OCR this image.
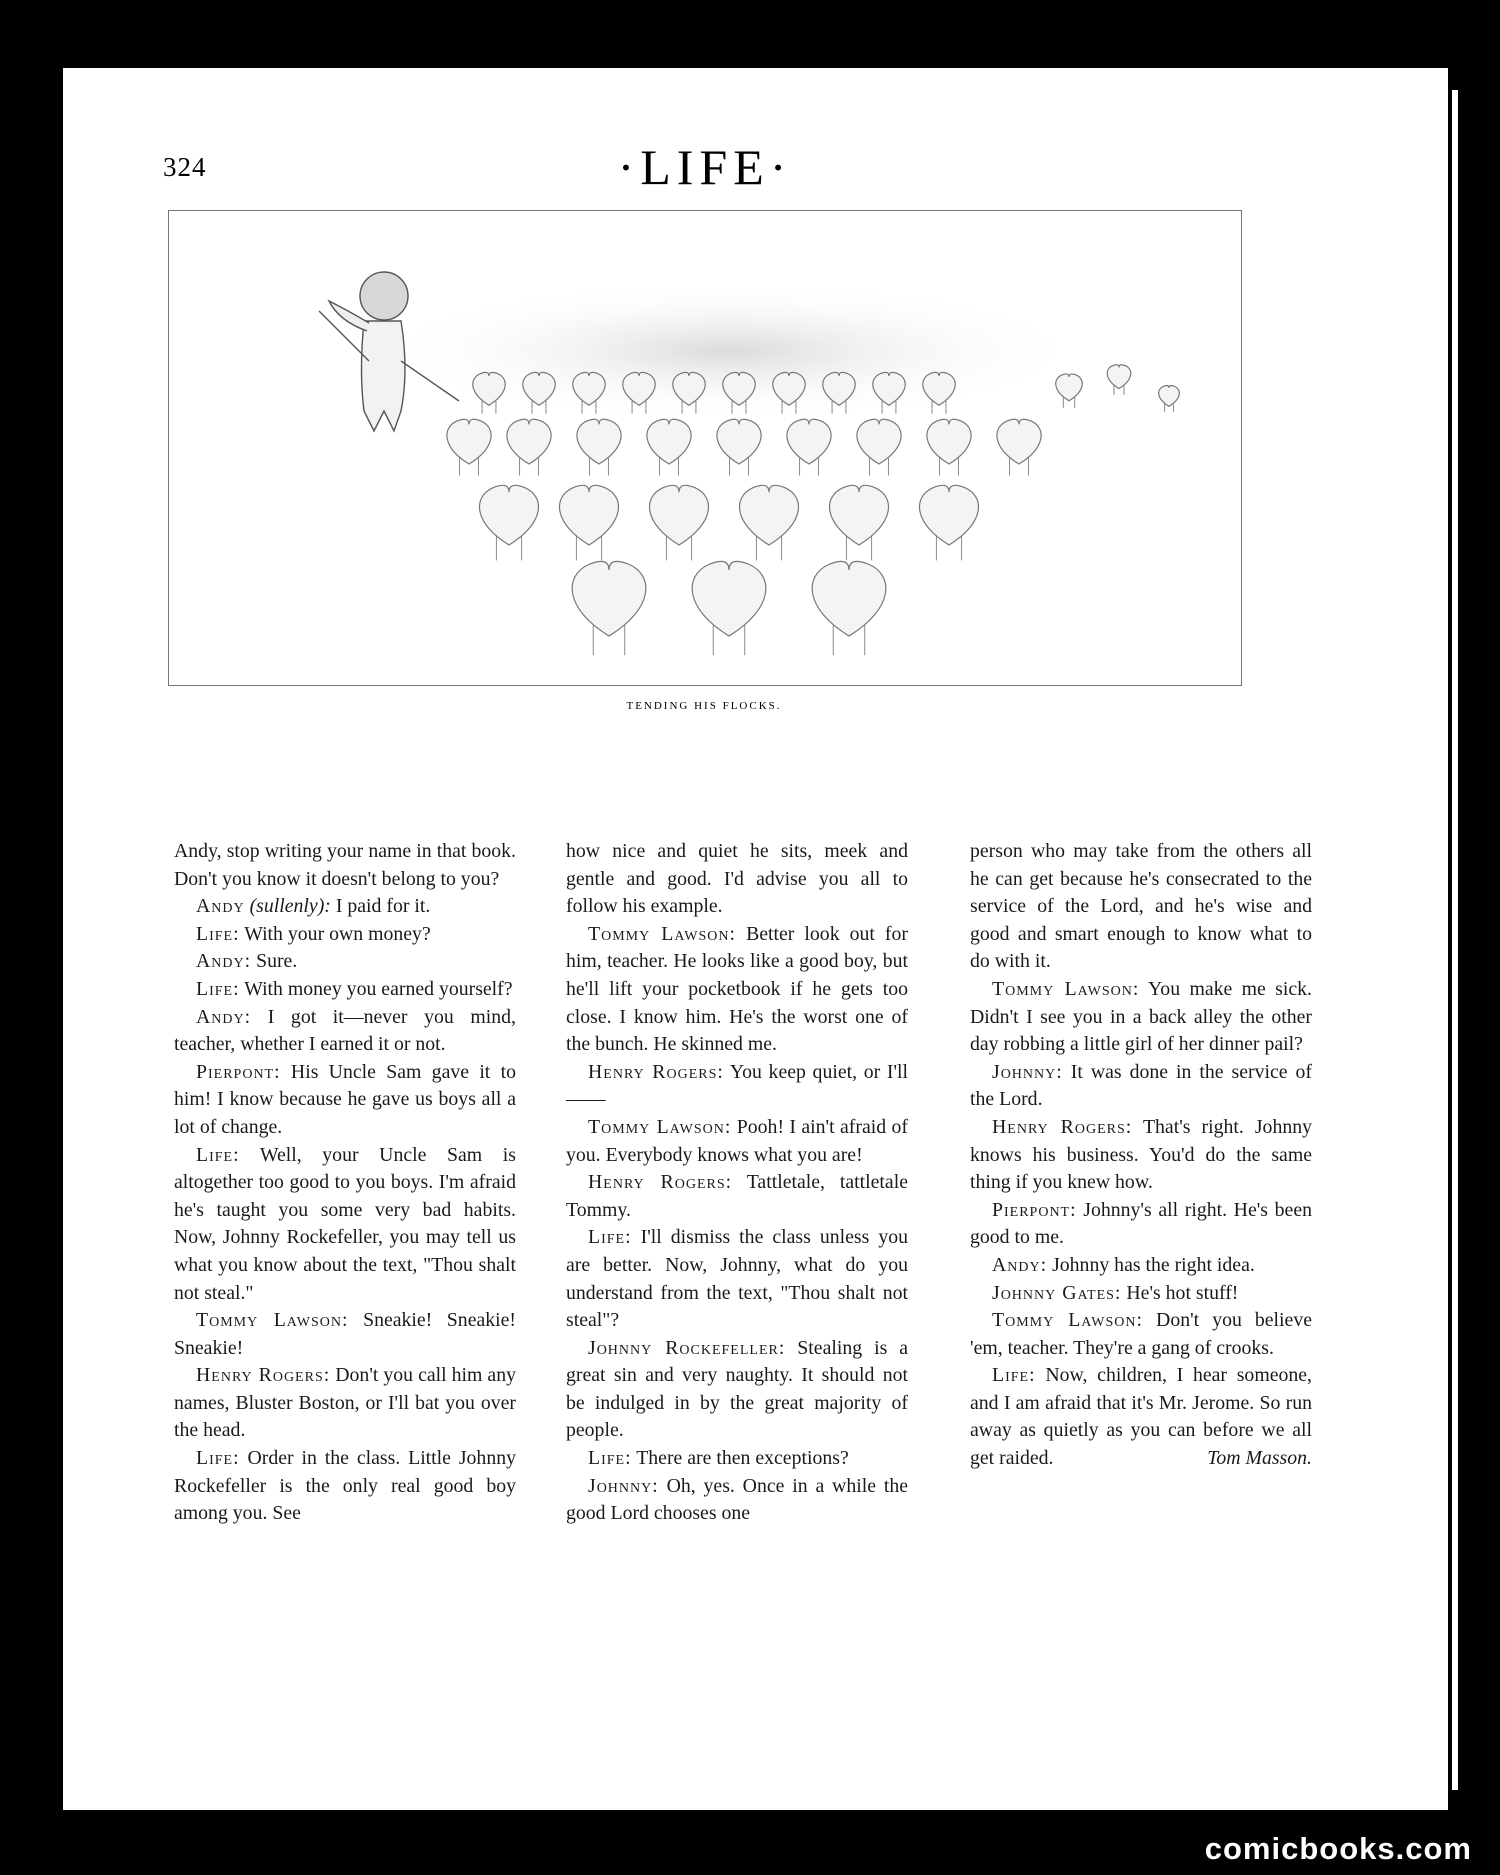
324	·LIFE·
TENDING HIS FLOCKS.

Andy, stop writing your name in that book. Don't you know it doesn't belong to you?

Andy (sullenly): I paid for it.

Life: With your own money?

Andy: Sure.

Life: With money you earned yourself?

Andy: I got it—never you mind, teacher, whether I earned it or not.

Pierpont: His Uncle Sam gave it to him! I know because he gave us boys all a lot of change.

Life: Well, your Uncle Sam is altogether too good to you boys. I'm afraid he's taught you some very bad habits. Now, Johnny Rockefeller, you may tell us what you know about the text, "Thou shalt not steal."

Tommy Lawson: Sneakie! Sneakie! Sneakie!

Henry Rogers: Don't you call him any names, Bluster Boston, or I'll bat you over the head.

Life: Order in the class. Little Johnny Rockefeller is the only real good boy among you. See

how nice and quiet he sits, meek and gentle and good. I'd advise you all to follow his example.

Tommy Lawson: Better look out for him, teacher. He looks like a good boy, but he'll lift your pocketbook if he gets too close. I know him. He's the worst one of the bunch. He skinned me.

Henry Rogers: You keep quiet, or I'll——

Tommy Lawson: Pooh! I ain't afraid of you. Everybody knows what you are!

Henry Rogers: Tattletale, tattletale Tommy.

Life: I'll dismiss the class unless you are better. Now, Johnny, what do you understand from the text, "Thou shalt not steal"?

Johnny Rockefeller: Stealing is a great sin and very naughty. It should not be indulged in by the great majority of people.

Life: There are then exceptions?

Johnny: Oh, yes. Once in a while the good Lord chooses one

person who may take from the others all he can get because he's consecrated to the service of the Lord, and he's wise and good and smart enough to know what to do with it.

Tommy Lawson: You make me sick. Didn't I see you in a back alley the other day robbing a little girl of her dinner pail?

Johnny: It was done in the service of the Lord.

Henry Rogers: That's right. Johnny knows his business. You'd do the same thing if you knew how.

Pierpont: Johnny's all right. He's been good to me.

Andy: Johnny has the right idea.

Johnny Gates: He's hot stuff!

Tommy Lawson: Don't you believe 'em, teacher. They're a gang of crooks.

Life: Now, children, I hear someone, and I am afraid that it's Mr. Jerome. So run away as quietly as you can before we all get raided.	Tom Masson.

comicbooks.com
